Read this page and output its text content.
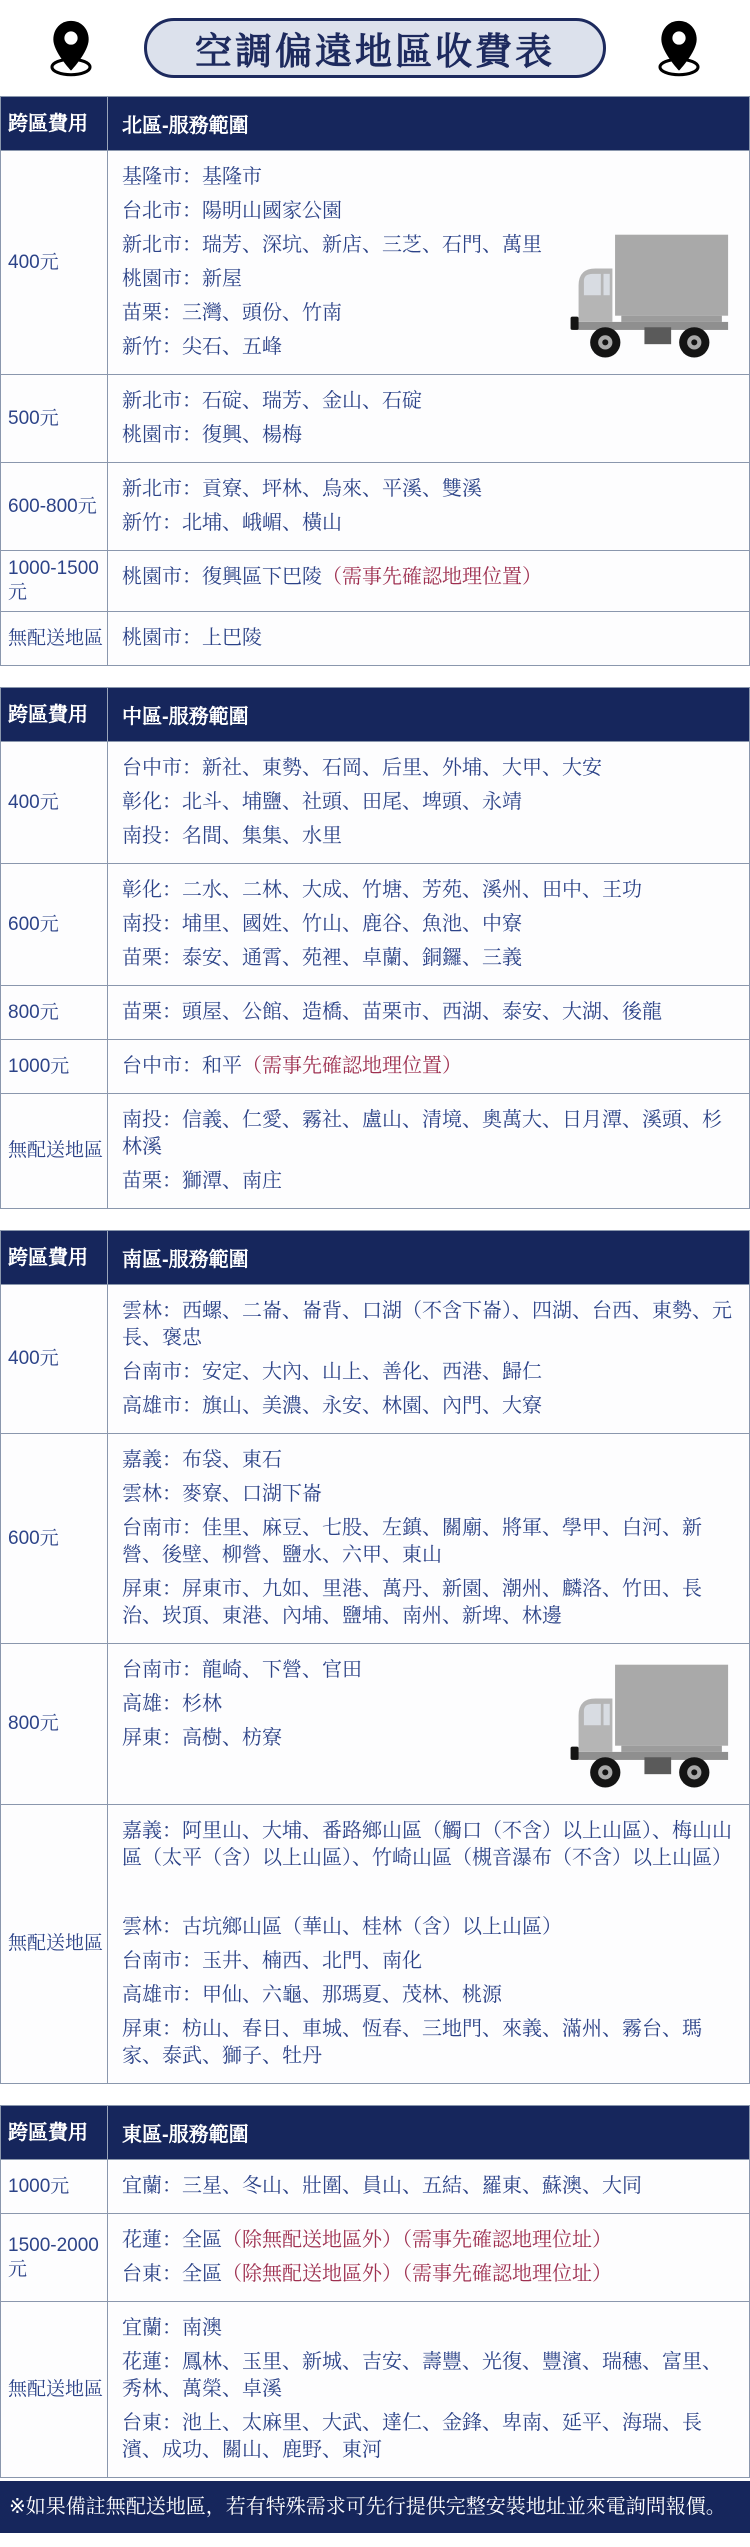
空調偏遠地區收費表
跨區費用	北區-服務範圍
400元
基隆市：基隆市
台北市：陽明山國家公園
新北市：瑞芳、深坑、新店、三芝、石門、萬里
桃園市：新屋
苗栗：三灣、頭份、竹南
新竹：尖石、五峰
500元
新北市：石碇、瑞芳、金山、石碇
桃園市：復興、楊梅
600-800元
新北市：貢寮、坪林、烏來、平溪、雙溪
新竹：北埔、峨嵋、橫山
1000-1500元
桃園市：復興區下巴陵（需事先確認地理位置）
無配送地區 桃園市：上巴陵
跨區費用	中區-服務範圍
400元
台中市：新社、東勢、石岡、后里、外埔、大甲、大安
彰化：北斗、埔鹽、社頭、田尾、埤頭、永靖
南投：名間、集集、水里
600元
彰化：二水、二林、大成、竹塘、芳苑、溪州、田中、王功
南投：埔里、國姓、竹山、鹿谷、魚池、中寮
苗栗：泰安、通霄、苑裡、卓蘭、銅鑼、三義
800元	苗栗：頭屋、公館、造橋、苗栗市、西湖、泰安、大湖、後龍
1000元	台中市：和平（需事先確認地理位置）
無配送地區
南投：信義、仁愛、霧社、盧山、清境、奧萬大、日月潭、溪頭、杉林溪
苗栗：獅潭、南庄
跨區費用	南區-服務範圍
400元
雲林：西螺、二崙、崙背、口湖（不含下崙）、四湖、台西、東勢、元長、褒忠
台南市：安定、大內、山上、善化、西港、歸仁
高雄市：旗山、美濃、永安、林園、內門、大寮
600元
嘉義：布袋、東石
雲林：麥寮、口湖下崙
台南市：佳里、麻豆、七股、左鎮、關廟、將軍、學甲、白河、新營、後壁、柳營、鹽水、六甲、東山
屏東：屏東市、九如、里港、萬丹、新園、潮州、麟洛、竹田、長治、崁頂、東港、內埔、鹽埔、南州、新埤、林邊
800元
台南市：龍崎、下營、官田
高雄：杉林
屏東：高樹、枋寮
無配送地區
嘉義：阿里山、大埔、番路鄉山區（觸口（不含）以上山區）、梅山山區（太平（含）以上山區）、竹崎山區（槻音瀑布（不含）以上山區）
雲林：古坑鄉山區（華山、桂林（含）以上山區）
台南市：玉井、楠西、北門、南化
高雄市：甲仙、六龜、那瑪夏、茂林、桃源
屏東：枋山、春日、車城、恆春、三地門、來義、滿州、霧台、瑪家、泰武、獅子、牡丹
跨區費用	東區-服務範圍
1000元	宜蘭：三星、冬山、壯圍、員山、五結、羅東、蘇澳、大同
1500-2000元
花蓮：全區（除無配送地區外）（需事先確認地理位址）
台東：全區（除無配送地區外）（需事先確認地理位址）
無配送地區
宜蘭：南澳
花蓮：鳳林、玉里、新城、吉安、壽豐、光復、豐濱、瑞穗、富里、秀林、萬榮、卓溪
台東：池上、太麻里、大武、達仁、金鋒、卑南、延平、海瑞、長濱、成功、關山、鹿野、東河
※如果備註無配送地區，若有特殊需求可先行提供完整安裝地址並來電詢問報價。
